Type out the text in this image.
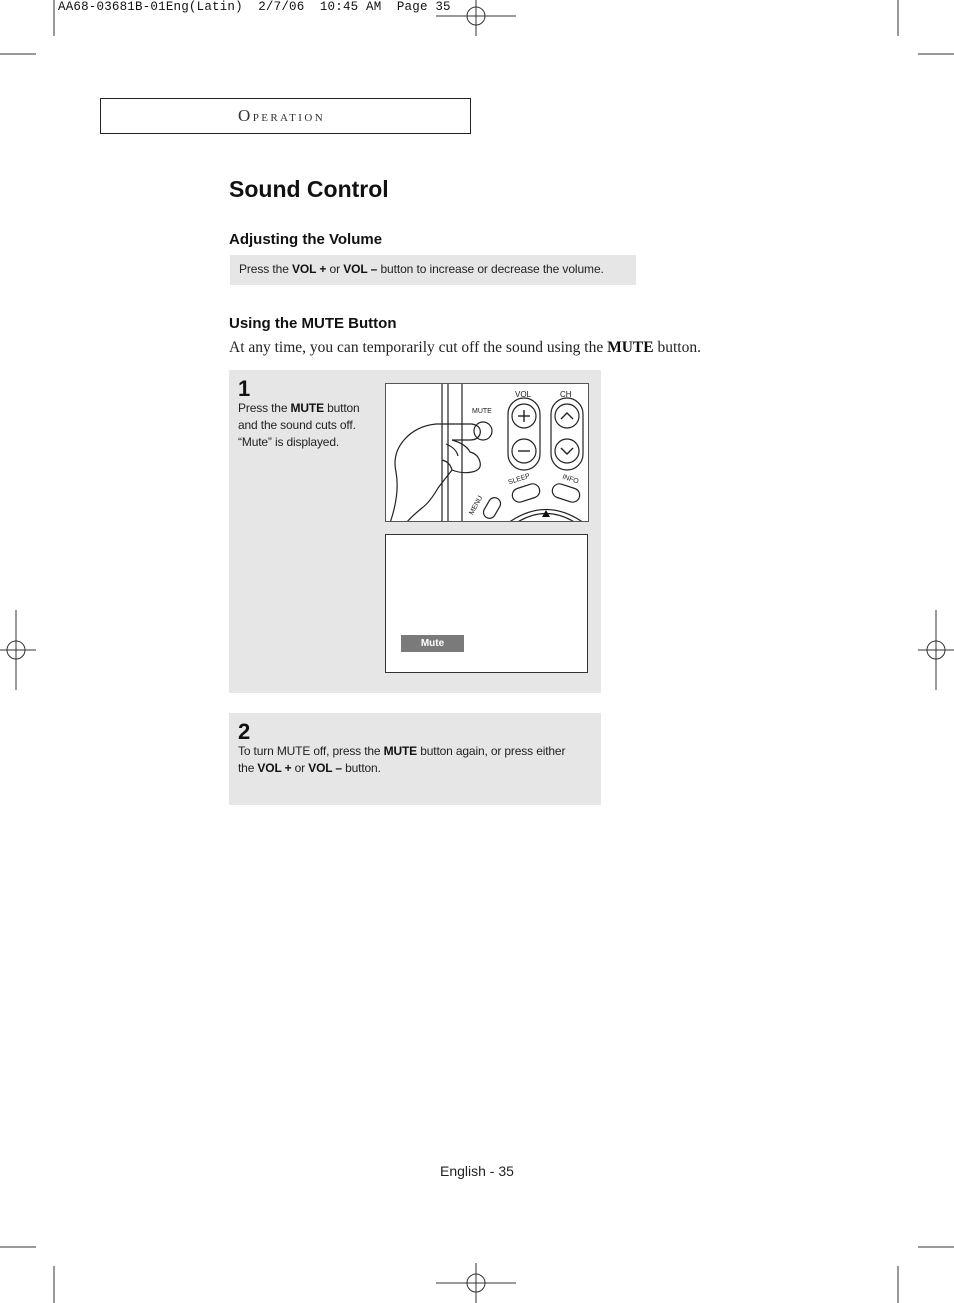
AA68-03681B-01Eng(Latin)  2/7/06  10:45 AM  Page 35
Operation
Sound Control
Adjusting the Volume
Press the VOL + or VOL – button to increase or decrease the volume.
Using the MUTE Button
At any time, you can temporarily cut off the sound using the MUTE button.
1
Press the MUTE button
and the sound cuts off.
“Mute” is displayed.
MUTE
VOL	CH
SLEEP	INFO
MENU
Mute
2
To turn MUTE off, press the MUTE button again, or press either
the VOL + or VOL – button.
English - 35
